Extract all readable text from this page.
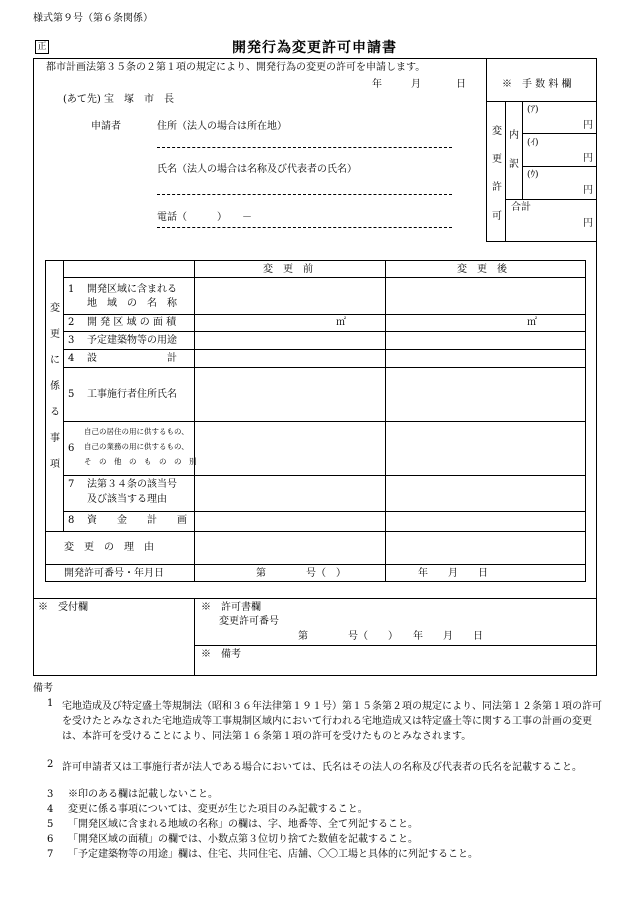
様式第９号（第６条関係）
正	開発行為変更許可申請書
都市計画法第３５条の２第１項の規定により、開発行為の変更の許可を申請します。
年	月	日
(あて先) 宝　塚　市　長
申請者	住所（法人の場合は所在地）
氏名（法人の場合は名称及び代表者の氏名）
電話（　　　）　　－
※　手 数 料 欄
変
更
許
可
内
訳
(ｱ)
円
(ｲ)
円
(ｳ)
円
合計
円
変　更　前	変　更　後
変
更
に
係
る
事
項
1 開発区域に含まれる
地　域　の　名　称
2 開 発 区 域 の 面 積	㎡	㎡
3 予定建築物等の用途
4 設　　　　　　　計
5 工事施行者住所氏名
6
自己の居住の用に供するもの、
自己の業務の用に供するもの、
そ　の　他　の　も　の　の　別
7 法第３４条の該当号
及び該当する理由
8 資　　金　　計　　画
変　更　の　理　由
開発許可番号・年月日	第　　　　号（　）	年　　月　　日
※　受付欄	※　許可書欄
変更許可番号
第　　　　号（　　）　　年　　月　　日
※　備考
備考
1 宅地造成及び特定盛土等規制法（昭和３６年法律第１９１号）第１５条第２項の規定により、同法第１２条第１項の許可を受けたとみなされた宅地造成等工事規制区域内において行われる宅地造成又は特定盛土等に関する工事の計画の変更は、本許可を受けることにより、同法第１６条第１項の許可を受けたものとみなされます。
2 許可申請者又は工事施行者が法人である場合においては、氏名はその法人の名称及び代表者の氏名を記載すること。
3 ※印のある欄は記載しないこと。
4 変更に係る事項については、変更が生じた項目のみ記載すること。
5 「開発区域に含まれる地域の名称」の欄は、字、地番等、全て列記すること。
6 「開発区域の面積」の欄では、小数点第３位切り捨てた数値を記載すること。
7 「予定建築物等の用途」欄は、住宅、共同住宅、店舗、〇〇工場と具体的に列記すること。
